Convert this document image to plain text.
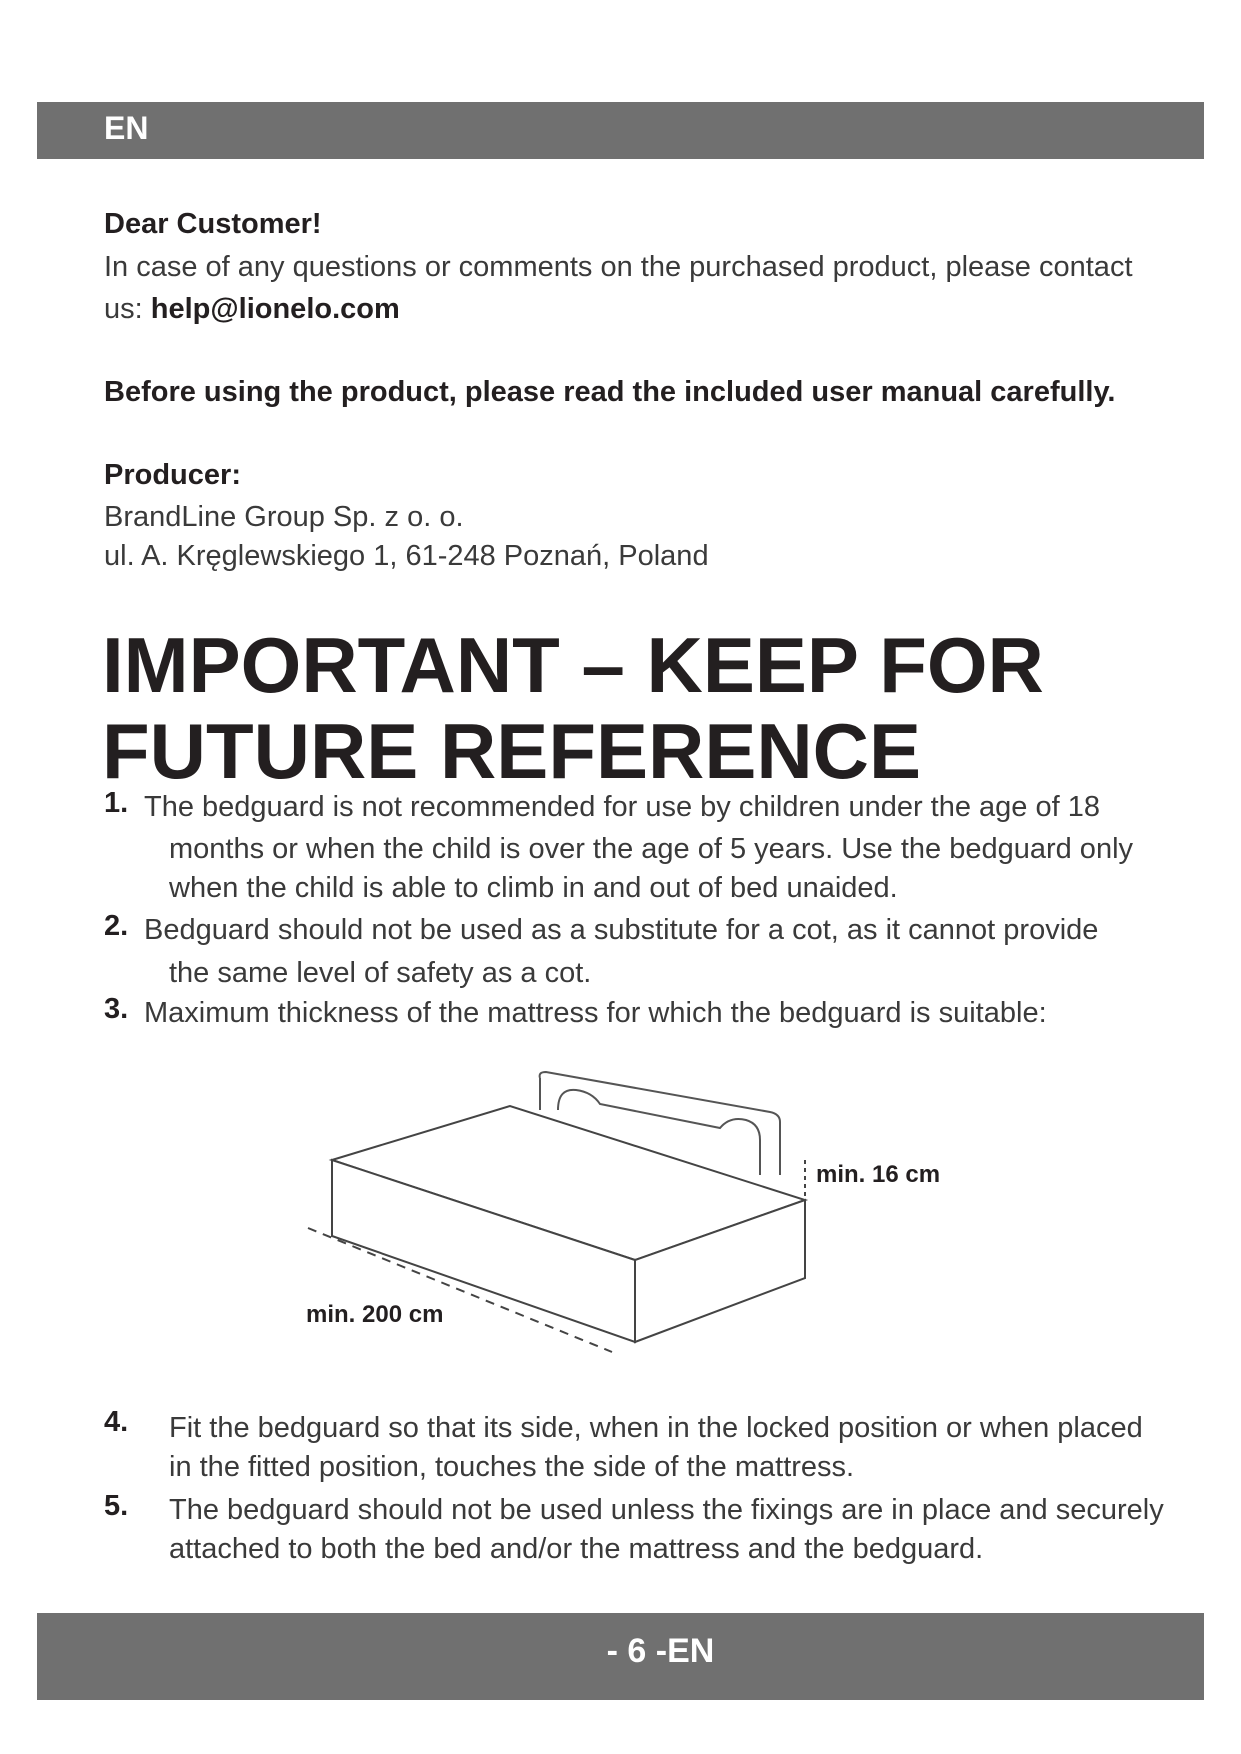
EN
Dear Customer!
In case of any questions or comments on the purchased product, please contact
us: help@lionelo.com
Before using the product, please read the included user manual carefully.
Producer:
BrandLine Group Sp. z o. o.
ul. A. Kręglewskiego 1, 61-248 Poznań, Poland
IMPORTANT – KEEP FOR
FUTURE REFERENCE
1. The bedguard is not recommended for use by children under the age of 18
months or when the child is over the age of 5 years. Use the bedguard only
when the child is able to climb in and out of bed unaided.
2. Bedguard should not be used as a substitute for a cot, as it cannot provide
the same level of safety as a cot.
3. Maximum thickness of the mattress for which the bedguard is suitable:
min. 16 cm
min. 200 cm
4. Fit the bedguard so that its side, when in the locked position or when placed
in the fitted position, touches the side of the mattress.
5. The bedguard should not be used unless the fixings are in place and securely
attached to both the bed and/or the mattress and the bedguard.
- 6 -EN
